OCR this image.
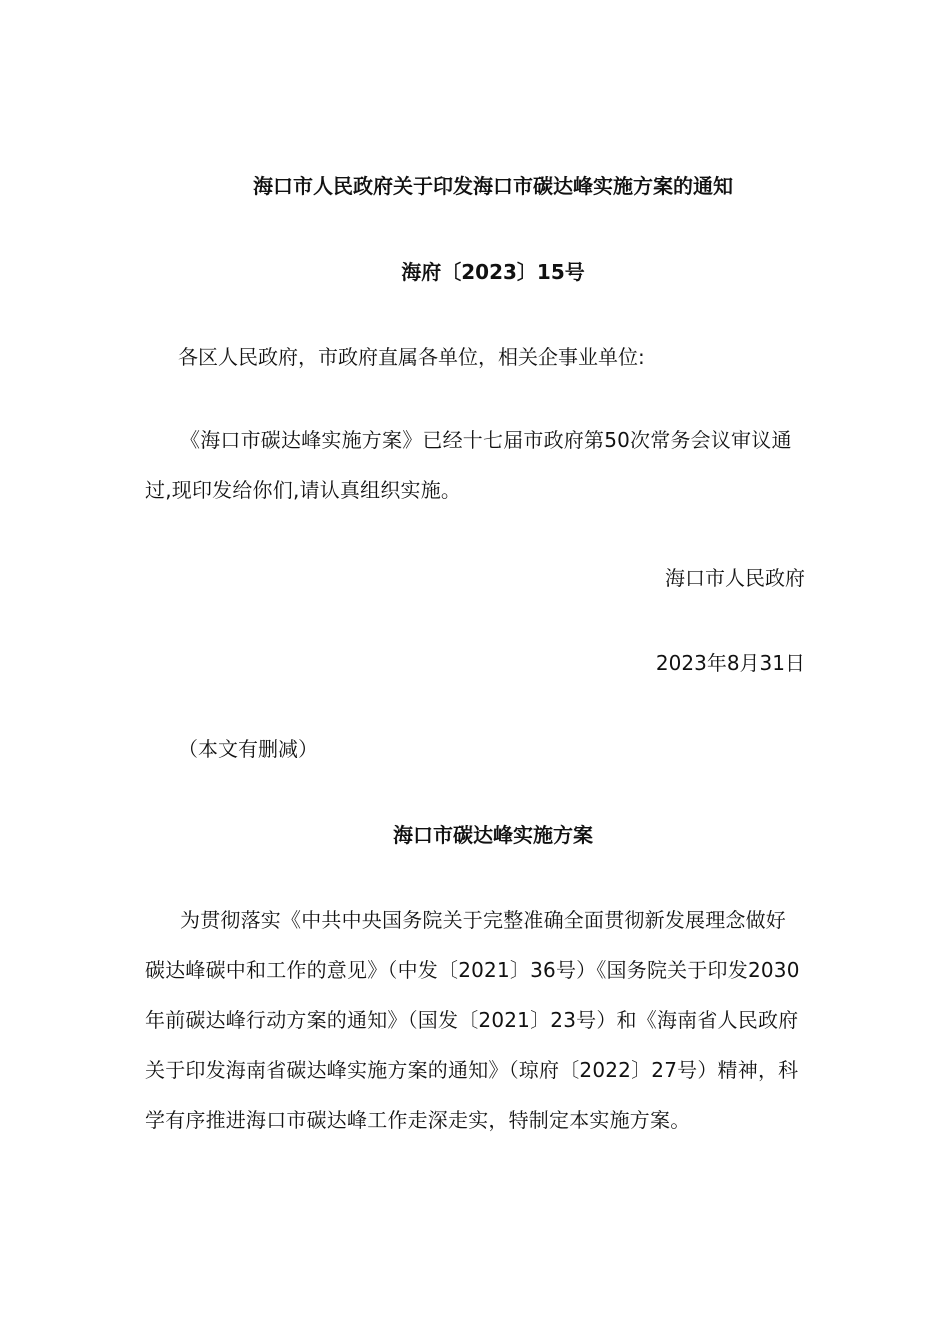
海口市人民政府关于印发海口市碳达峰实施方案的通知
海府〔2023〕15号
各区人民政府，市政府直属各单位，相关企事业单位:
《海口市碳达峰实施方案》已经十七届市政府第50次常务会议审议通过,现印发给你们,请认真组织实施。
海口市人民政府
2023年8月31日
（本文有删减）
海口市碳达峰实施方案
为贯彻落实《中共中央国务院关于完整准确全面贯彻新发展理念做好碳达峰碳中和工作的意见》（中发〔2021〕36号）《国务院关于印发2030年前碳达峰行动方案的通知》（国发〔2021〕23号）和《海南省人民政府关于印发海南省碳达峰实施方案的通知》（琼府〔2022〕27号）精神，科学有序推进海口市碳达峰工作走深走实，特制定本实施方案。
